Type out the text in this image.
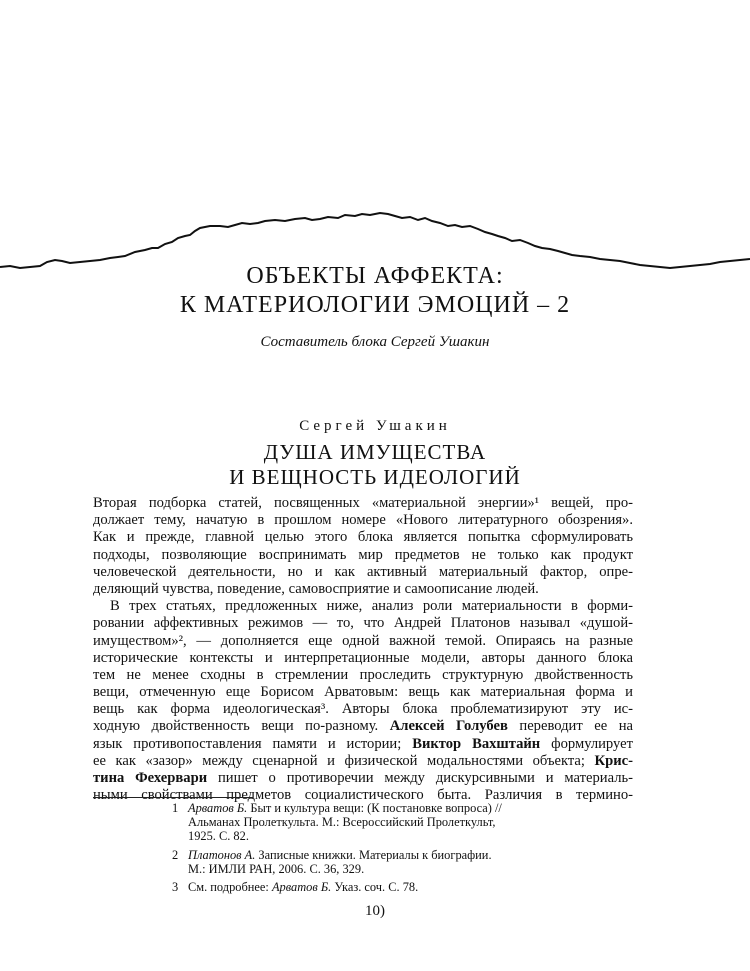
ОБЪЕКТЫ АФФЕКТА:
К МАТЕРИОЛОГИИ ЭМОЦИЙ – 2
Составитель блока Сергей Ушакин
Сергей Ушакин
ДУША ИМУЩЕСТВА
И ВЕЩНОСТЬ ИДЕОЛОГИЙ
Вторая подборка статей, посвященных «материальной энергии»¹ вещей, про-
должает тему, начатую в прошлом номере «Нового литературного обозрения».
Как и прежде, главной целью этого блока является попытка сформулировать
подходы, позволяющие воспринимать мир предметов не только как продукт
человеческой деятельности, но и как активный материальный фактор, опре-
деляющий чувства, поведение, самовосприятие и самоописание людей.
В трех статьях, предложенных ниже, анализ роли материальности в форми-
ровании аффективных режимов — то, что Андрей Платонов называл «душой-
имуществом»², — дополняется еще одной важной темой. Опираясь на разные
исторические контексты и интерпретационные модели, авторы данного блока
тем не менее сходны в стремлении проследить структурную двойственность
вещи, отмеченную еще Борисом Арватовым: вещь как материальная форма и
вещь как форма идеологическая³. Авторы блока проблематизируют эту ис-
ходную двойственность вещи по-разному. Алексей Голубев переводит ее на
язык противопоставления памяти и истории; Виктор Вахштайн формулирует
ее как «зазор» между сценарной и физической модальностями объекта; Крис-
тина Фехервари пишет о противоречии между дискурсивными и материаль-
ными свойствами предметов социалистического быта. Различия в термино-
1 Арватов Б. Быт и культура вещи: (К постановке вопроса) //
Альманах Пролеткульта. М.: Всероссийский Пролеткульт,
1925. С. 82.
2 Платонов А. Записные книжки. Материалы к биографии.
М.: ИМЛИ РАН, 2006. С. 36, 329.
3 См. подробнее: Арватов Б. Указ. соч. С. 78.
10)
